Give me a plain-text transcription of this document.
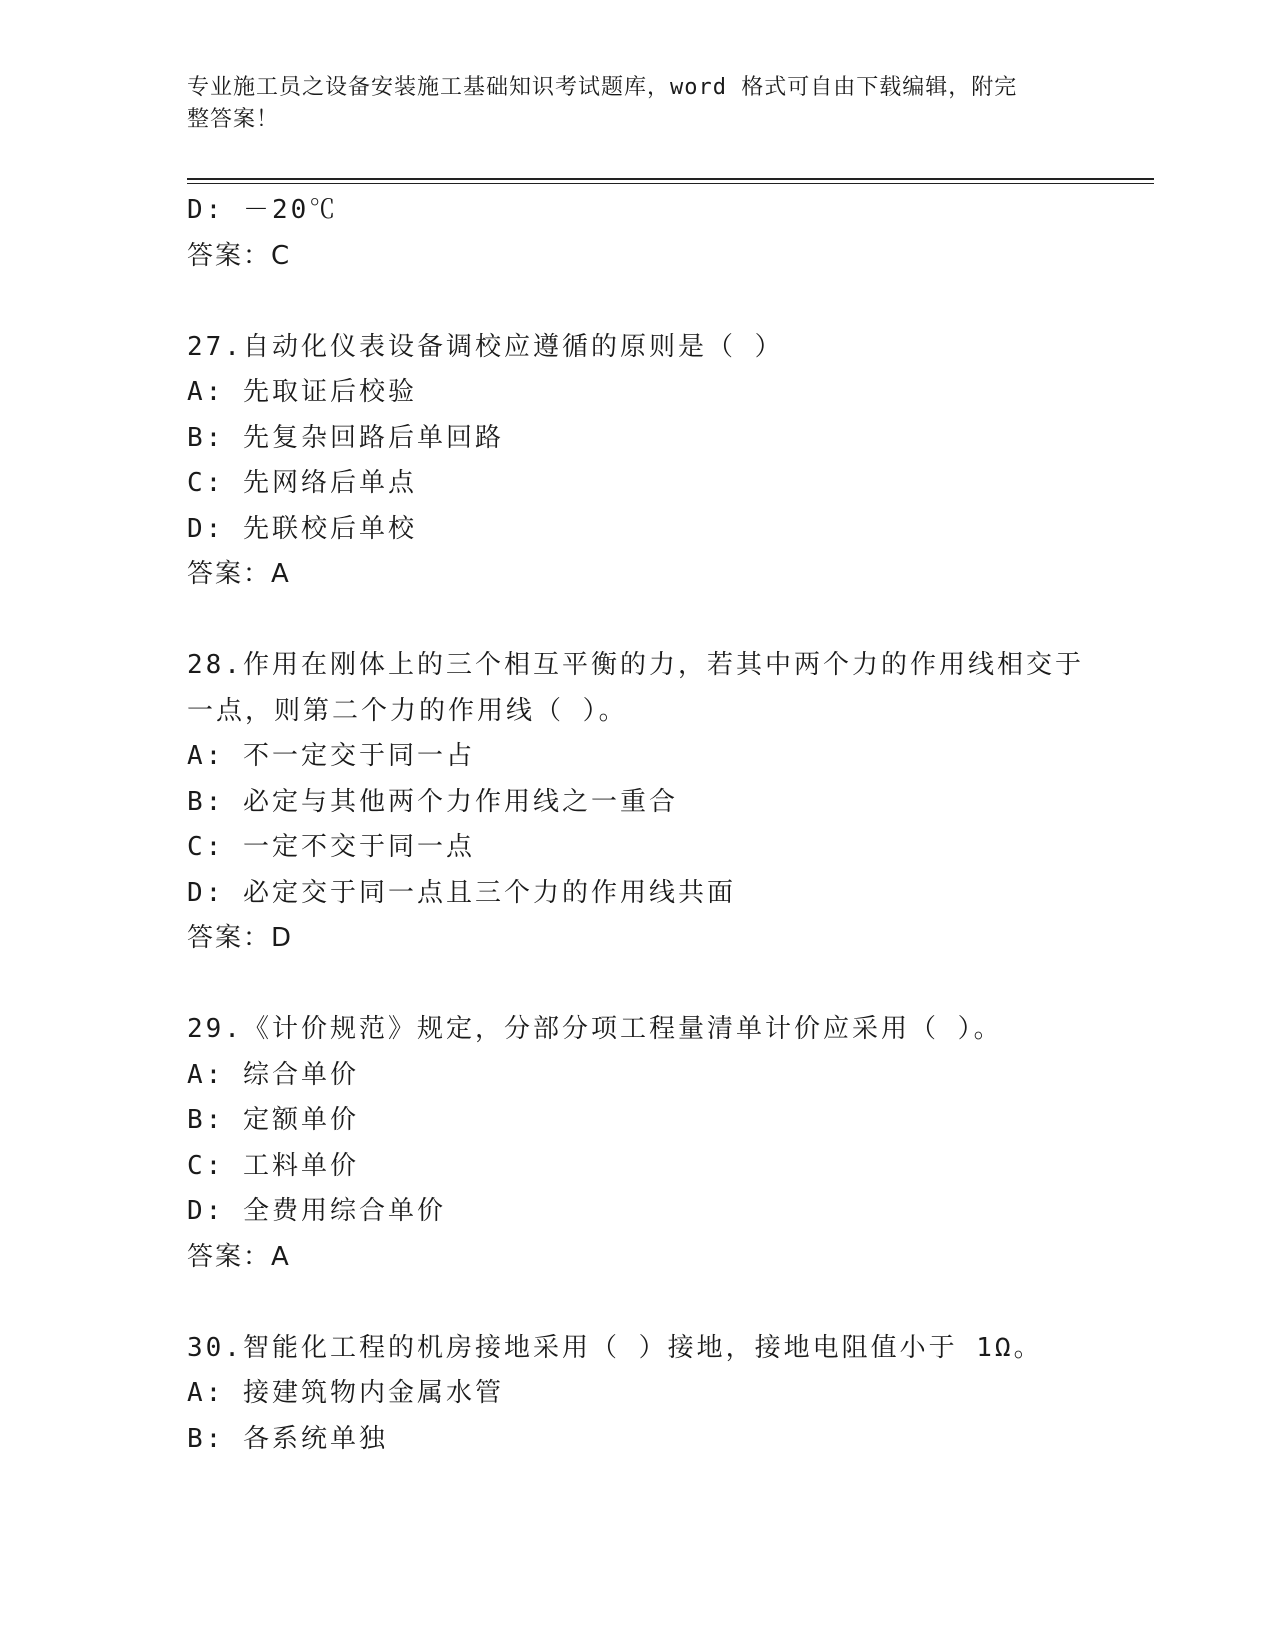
专业施工员之设备安装施工基础知识考试题库，word 格式可自由下载编辑，附完
整答案！
D: －20℃
答案：C
27.自动化仪表设备调校应遵循的原则是（ ）
A: 先取证后校验
B: 先复杂回路后单回路
C: 先网络后单点
D: 先联校后单校
答案：A
28.作用在刚体上的三个相互平衡的力，若其中两个力的作用线相交于
一点，则第二个力的作用线（ ）。
A: 不一定交于同一占
B: 必定与其他两个力作用线之一重合
C: 一定不交于同一点
D: 必定交于同一点且三个力的作用线共面
答案：D
29.《计价规范》规定，分部分项工程量清单计价应采用（ ）。
A: 综合单价
B: 定额单价
C: 工料单价
D: 全费用综合单价
答案：A
30.智能化工程的机房接地采用（ ）接地，接地电阻值小于 1Ω。
A: 接建筑物内金属水管
B: 各系统单独
